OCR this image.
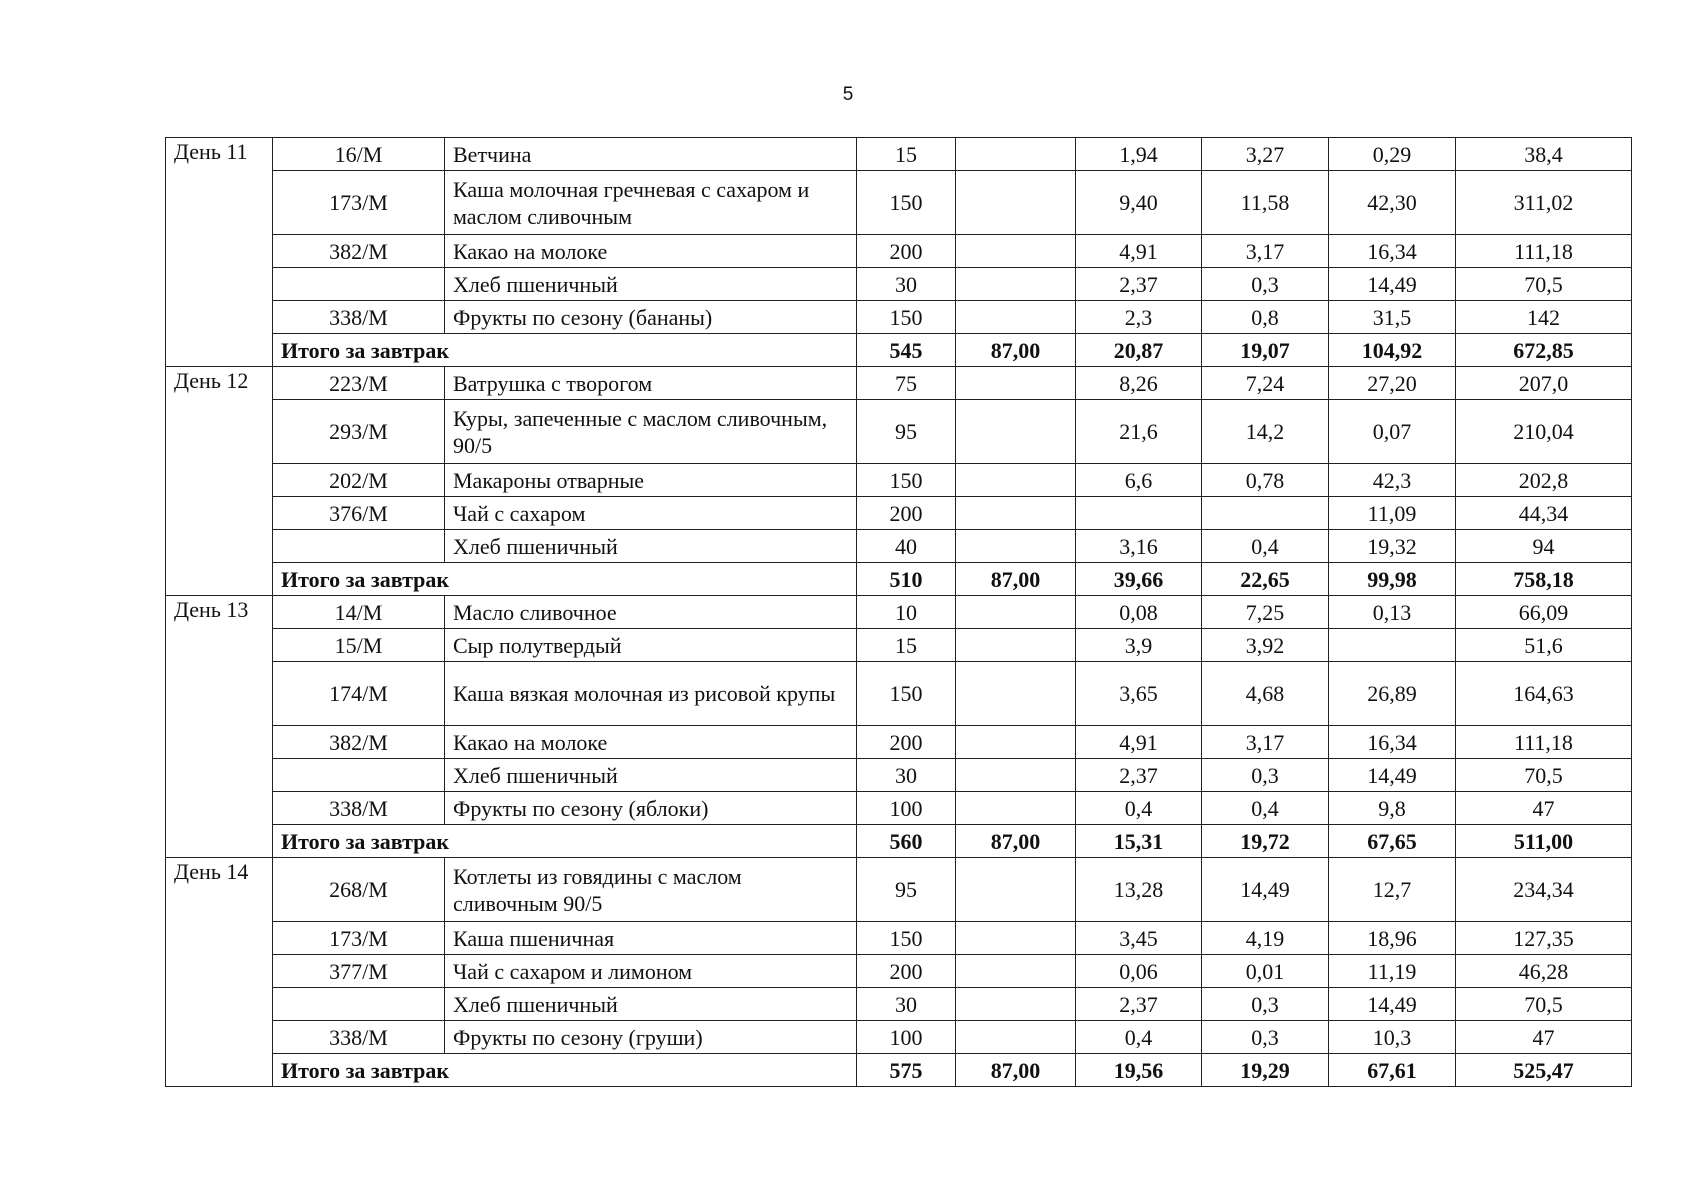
5
День 11	16/М	Ветчина	15		1,94	3,27	0,29	38,4
	173/М	Каша молочная гречневая с сахаром и маслом сливочным	150		9,40	11,58	42,30	311,02
	382/М	Какао на молоке	200		4,91	3,17	16,34	111,18
		Хлеб пшеничный	30		2,37	0,3	14,49	70,5
	338/М	Фрукты по сезону (бананы)	150		2,3	0,8	31,5	142
	Итого за завтрак		545	87,00	20,87	19,07	104,92	672,85
День 12	223/М	Ватрушка с творогом	75		8,26	7,24	27,20	207,0
	293/М	Куры, запеченные с маслом сливочным, 90/5	95		21,6	14,2	0,07	210,04
	202/М	Макароны отварные	150		6,6	0,78	42,3	202,8
	376/М	Чай с сахаром	200				11,09	44,34
		Хлеб пшеничный	40		3,16	0,4	19,32	94
	Итого за завтрак		510	87,00	39,66	22,65	99,98	758,18
День 13	14/М	Масло сливочное	10		0,08	7,25	0,13	66,09
	15/М	Сыр полутвердый	15		3,9	3,92		51,6
	174/М	Каша вязкая молочная из рисовой крупы	150		3,65	4,68	26,89	164,63
	382/М	Какао на молоке	200		4,91	3,17	16,34	111,18
		Хлеб пшеничный	30		2,37	0,3	14,49	70,5
	338/М	Фрукты по сезону (яблоки)	100		0,4	0,4	9,8	47
	Итого за завтрак		560	87,00	15,31	19,72	67,65	511,00
День 14	268/М	Котлеты из говядины с маслом сливочным 90/5	95		13,28	14,49	12,7	234,34
	173/М	Каша пшеничная	150		3,45	4,19	18,96	127,35
	377/М	Чай с сахаром и лимоном	200		0,06	0,01	11,19	46,28
		Хлеб пшеничный	30		2,37	0,3	14,49	70,5
	338/М	Фрукты по сезону (груши)	100		0,4	0,3	10,3	47
	Итого за завтрак		575	87,00	19,56	19,29	67,61	525,47
